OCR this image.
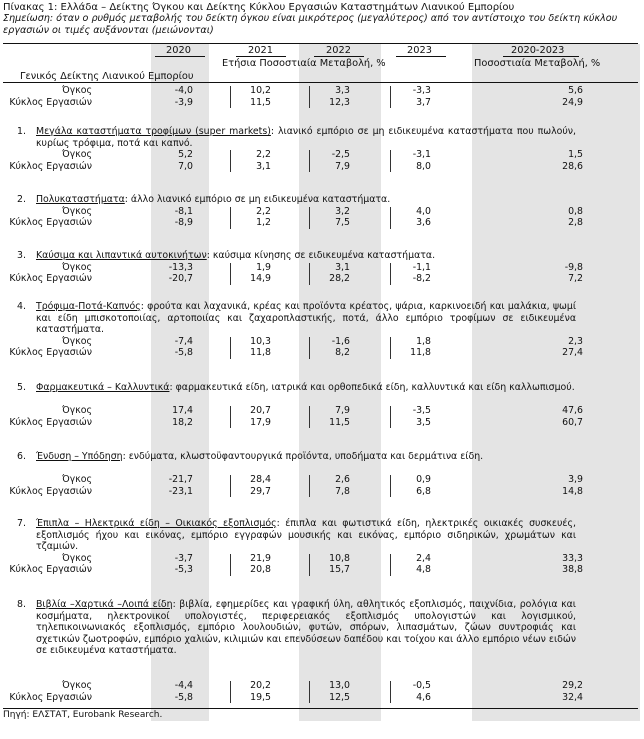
Πίνακας 1: Ελλάδα – Δείκτης Όγκου και Δείκτης Κύκλου Εργασιών Καταστημάτων Λιανικού Εμπορίου
Σημείωση: όταν ο ρυθμός μεταβολής του δείκτη όγκου είναι μικρότερος (μεγαλύτερος) από τον αντίστοιχο του δείκτη κύκλου εργασιών οι τιμές αυξάνονται (μειώνονται)
2020	2021	2022	2023	2020-2023
Ετήσια Ποσοστιαία Μεταβολή, %	Ποσοστιαία Μεταβολή, %
Γενικός Δείκτης Λιανικού Εμπορίου
Όγκος	-4,0	10,2	3,3	-3,3	5,6
Κύκλος Εργασιών	-3,9	11,5	12,3	3,7	24,9
1. Μεγάλα καταστήματα τροφίμων (super markets): λιανικό εμπόριο σε μη ειδικευμένα καταστήματα που πωλούν, κυρίως τρόφιμα, ποτά και καπνό.
Όγκος	5,2	2,2	-2,5	-3,1	1,5
Κύκλος Εργασιών	7,0	3,1	7,9	8,0	28,6
2. Πολυκαταστήματα: άλλο λιανικό εμπόριο σε μη ειδικευμένα καταστήματα.
Όγκος	-8,1	2,2	3,2	4,0	0,8
Κύκλος Εργασιών	-8,9	1,2	7,5	3,6	2,8
3. Καύσιμα και λιπαντικά αυτοκινήτων: καύσιμα κίνησης σε ειδικευμένα καταστήματα.
Όγκος	-13,3	1,9	3,1	-1,1	-9,8
Κύκλος Εργασιών	-20,7	14,9	28,2	-8,2	7,2
4. Τρόφιμα-Ποτά-Καπνός: φρούτα και λαχανικά, κρέας και προϊόντα κρέατος, ψάρια, καρκινοειδή και μαλάκια, ψωμί και είδη μπισκοτοποιίας, αρτοποιίας και ζαχαροπλαστικής, ποτά, άλλο εμπόριο τροφίμων σε ειδικευμένα καταστήματα.
Όγκος	-7,4	10,3	-1,6	1,8	2,3
Κύκλος Εργασιών	-5,8	11,8	8,2	11,8	27,4
5. Φαρμακευτικά – Καλλυντικά: φαρμακευτικά είδη, ιατρικά και ορθοπεδικά είδη, καλλυντικά και είδη καλλωπισμού.
Όγκος	17,4	20,7	7,9	-3,5	47,6
Κύκλος Εργασιών	18,2	17,9	11,5	3,5	60,7
6. Ένδυση – Υπόδηση: ενδύματα, κλωστοϋφαντουργικά προϊόντα, υποδήματα και δερμάτινα είδη.
Όγκος	-21,7	28,4	2,6	0,9	3,9
Κύκλος Εργασιών	-23,1	29,7	7,8	6,8	14,8
7. Έπιπλα – Ηλεκτρικά είδη – Οικιακός εξοπλισμός: έπιπλα και φωτιστικά είδη, ηλεκτρικές οικιακές συσκευές, εξοπλισμός ήχου και εικόνας, εμπόριο εγγραφών μουσικής και εικόνας, εμπόριο σιδηρικών, χρωμάτων και τζαμιών.
Όγκος	-3,7	21,9	10,8	2,4	33,3
Κύκλος Εργασιών	-5,3	20,8	15,7	4,8	38,8
8. Βιβλία –Χαρτικά –Λοιπά είδη: βιβλία, εφημερίδες και γραφική ύλη, αθλητικός εξοπλισμός, παιχνίδια, ρολόγια και κοσμήματα, ηλεκτρονικοί υπολογιστές, περιφερειακός εξοπλισμός υπολογιστών και λογισμικού, τηλεπικοινωνιακός εξοπλισμός, εμπόριο λουλουδιών, φυτών, σπόρων, λιπασμάτων, ζώων συντροφιάς και σχετικών ζωοτροφών, εμπόριο χαλιών, κιλιμιών και επενδύσεων δαπέδου και τοίχου και άλλο εμπόριο νέων ειδών σε ειδικευμένα καταστήματα.
Όγκος	-4,4	20,2	13,0	-0,5	29,2
Κύκλος Εργασιών	-5,8	19,5	12,5	4,6	32,4
Πηγή: ΕΛΣΤΑΤ, Eurobank Research.
